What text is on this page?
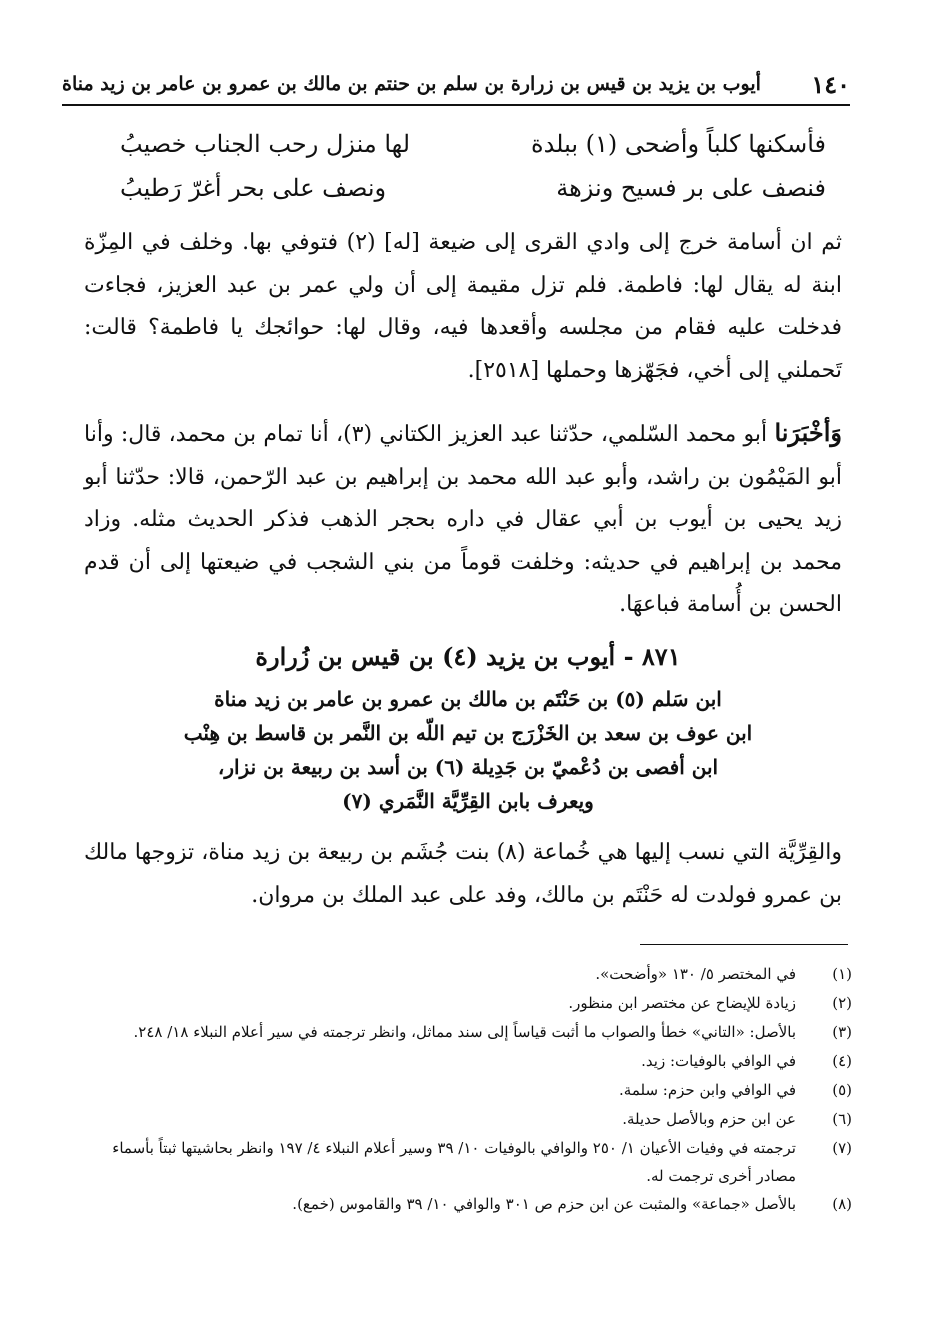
١٤٠
أيوب بن يزيد بن قيس بن زرارة بن سلم بن حنتم بن مالك بن عمرو بن عامر بن زيد مناة
فأسكنها كلباً وأضحى (١) ببلدة
لها منزل رحب الجناب خصيبُ
فنصف على بر فسيح ونزهة
ونصف على بحر أغرّ رَطيبُ
ثم ان أسامة خرج إلى وادي القرى إلى ضيعة [له] (٢) فتوفي بها. وخلف في المِزّة ابنة له يقال لها: فاطمة. فلم تزل مقيمة إلى أن ولي عمر بن عبد العزيز، فجاءت فدخلت عليه فقام من مجلسه وأقعدها فيه، وقال لها: حوائجك يا فاطمة؟ قالت: تَحملني إلى أخي، فجَهّزها وحملها [٢٥١٨].
وَأخْبَرَنا أبو محمد السّلمي، حدّثنا عبد العزيز الكتاني (٣)، أنا تمام بن محمد، قال: وأنا أبو المَيْمُون بن راشد، وأبو عبد الله محمد بن إبراهيم بن عبد الرّحمن، قالا: حدّثنا أبو زيد يحيى بن أيوب بن أبي عقال في داره بحجر الذهب فذكر الحديث مثله. وزاد محمد بن إبراهيم في حديثه: وخلفت قوماً من بني الشجب في ضيعتها إلى أن قدم الحسن بن أُسامة فباعهَا.
٨٧١ - أيوب بن يزيد (٤) بن قيس بن زُرارة
ابن سَلم (٥) بن حَنْتَم بن مالك بن عمرو بن عامر بن زيد مناة
ابن عوف بن سعد بن الخَزْرَج بن تيم اللّه بن النَّمر بن قاسط بن هِنْب
ابن أفصى بن دُعْميّ بن جَدِيلة (٦) بن أسد بن ربيعة بن نزار،
ويعرف بابن القِرِّيَّة النَّمَري (٧)
والقِرِّيَّة التي نسب إليها هي خُماعة (٨) بنت جُشَم بن ربيعة بن زيد مناة، تزوجها مالك بن عمرو فولدت له حَنْتَم بن مالك، وفد على عبد الملك بن مروان.
(١)
في المختصر ٥/ ١٣٠ «وأضحت».
(٢)
زيادة للإيضاح عن مختصر ابن منظور.
(٣)
بالأصل: «التاني» خطأ والصواب ما أثبت قياساً إلى سند مماثل، وانظر ترجمته في سير أعلام النبلاء ١٨/ ٢٤٨.
(٤)
في الوافي بالوفيات: زيد.
(٥)
في الوافي وابن حزم: سلمة.
(٦)
عن ابن حزم وبالأصل حديلة.
(٧)
ترجمته في وفيات الأعيان ١/ ٢٥٠ والوافي بالوفيات ١٠/ ٣٩ وسير أعلام النبلاء ٤/ ١٩٧ وانظر بحاشيتها ثبتاً بأسماء مصادر أخرى ترجمت له.
(٨)
بالأصل «جماعة» والمثبت عن ابن حزم ص ٣٠١ والوافي ١٠/ ٣٩ والقاموس (خمع).
